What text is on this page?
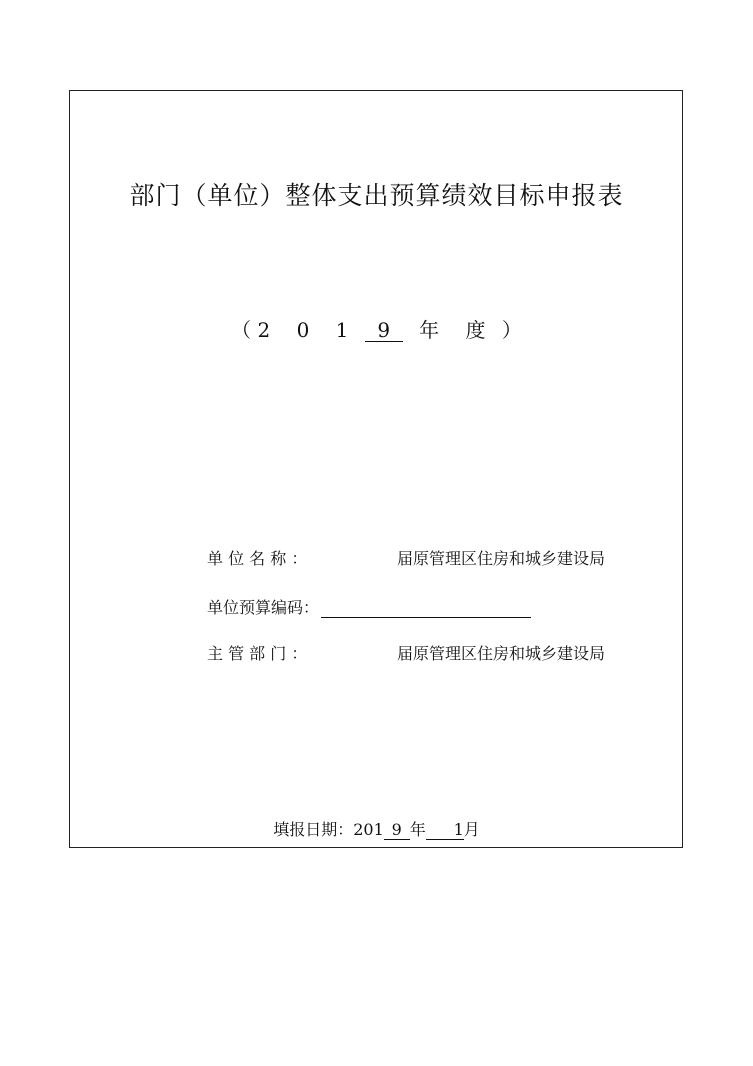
部门（单位）整体支出预算绩效目标申报表
（ 2 0 1 9 年 度 ）
单 位 名 称 ：	届原管理区住房和城乡建设局
单位预算编码：
主 管 部 门 ：	届原管理区住房和城乡建设局
填报日期：201 9 年 1月
